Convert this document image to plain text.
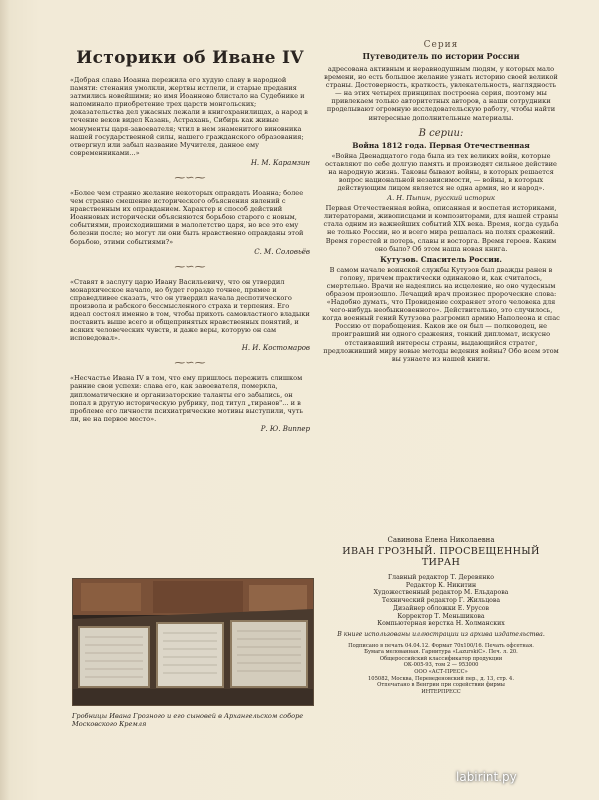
Историки об Иване IV
«Добрая слава Иоанна пережила его худую славу в народной памяти: стенания умолкли, жертвы истлели, и старые предания затмились новейшими; но имя Иоанново блистало на Судебнике и напоминало приобретение трех царств монгольских; доказательства дел ужасных лежали в книгохранилищах, а народ в течение веков видел Казань, Астрахань, Сибирь как живые монументы царя-завоевателя; чтил в нем знаменитого виновника нашей государственной силы, нашего гражданского образования; отвергнул или забыл название Мучителя, данное ему современниками...»
Н. М. Карамзин
⁓∽⁓
«Более чем странно желание некоторых оправдать Иоанна; более чем странно смешение исторического объяснения явлений с нравственным их оправданием. Характер и способ действий Иоанновых исторически объясняются борьбою старого с новым, событиями, происходившими в малолетство царя, но все это ему болезни после; но могут ли они быть нравственно оправданы этой борьбою, этими событиями?»
С. М. Соловьёв
⁓∽⁓
«Ставят в заслугу царю Ивану Васильевичу, что он утвердил монархическое начало, но будет гораздо точнее, прямее и справедливее сказать, что он утвердил начала деспотического произвола и рабского бессмысленного страха и терпения. Его идеал состоял именно в том, чтобы прихоть самовластного владыки поставить выше всего и общепринятых нравственных понятий, и всяких человеческих чувств, и даже веры, которую он сам исповедовал».
Н. И. Костомаров
⁓∽⁓
«Несчастье Ивана IV в том, что ему пришлось пережить слишком ранние свои успехи: слава его, как завоевателя, померкла, дипломатические и организаторские таланты его забылись, он попал в другую историческую рубрику, под титул „тиранов"... и в проблеме его личности психиатрические мотивы выступили, чуть ли, не на первое место».
Р. Ю. Виппер
Гробницы Ивана Грозного и его сыновей в Архангельском соборе Московского Кремля
Серия
Путеводитель по истории России
адресована активным и неравнодушным людям, у которых мало времени, но есть большое желание узнать историю своей великой страны. Достоверность, краткость, увлекательность, наглядность — на этих четырех принципах построена серия, поэтому мы привлекаем только авторитетных авторов, а наши сотрудники проделывают огромную исследовательскую работу, чтобы найти интересные дополнительные материалы.
В серии:
Война 1812 года. Первая Отечественная
«Война Двенадцатого года была из тех великих войн, которые оставляют по себе долгую память и производят сильное действие на народную жизнь. Таковы бывают войны, в которых решается вопрос национальной независимости, — войны, в которых действующим лицом является не одна армия, но и народ».
А. Н. Пыпин, русский историк
Первая Отечественная война, описанная и воспетая историками, литераторами, живописцами и композиторами, для нашей страны стала одним из важнейших событий XIX века. Время, когда судьба не только России, но и всего мира решалась на полях сражений. Время горестей и потерь, славы и восторга. Время героев. Каким оно было? Об этом наша новая книга.
Кутузов. Спаситель России.
В самом начале воинской службы Кутузов был дважды ранен в голову, причем практически одинаково и, как считалось, смертельно. Врачи не надеялись на исцеление, но оно чудесным образом произошло. Лечащий врач произнес пророческие слова: «Надобно думать, что Провидение сохраняет этого человека для чего-нибудь необыкновенного». Действительно, это случилось, когда военный гений Кутузова разгромил армию Наполеона и спас Россию от порабощения. Каков же он был — полководец, не проигравший ни одного сражения, тонкий дипломат, искусно отстаивавший интересы страны, выдающийся стратег, предложивший миру новые методы ведения войны? Обо всем этом вы узнаете из нашей книги.
Савинова Елена Николаевна
ИВАН ГРОЗНЫЙ. ПРОСВЕЩЕННЫЙ ТИРАН
Главный редактор Т. Деревянко
Редактор К. Никитин
Художественный редактор М. Ельдарова
Технический редактор Г. Жильцова
Дизайнер обложки Е. Урусов
Корректор Т. Меньшикова
Компьютерная верстка Н. Холманских
В книге использованы иллюстрации из архива издательства.
Подписано в печать 04.04.12. Формат 70х100/16. Печать офсетная.
Бумага мелованная. Гарнитура «LazurskiC». Печ. л. 20.
Общероссийский классификатор продукции
ОК-005-93, том 2 — 953000
ООО «АСТ-ПРЕСС»
105082, Москва, Переведеновский пер., д. 13, стр. 4.
Отпечатано в Венгрии при содействии фирмы
ИНТЕРПРЕСС
labirint.ру
